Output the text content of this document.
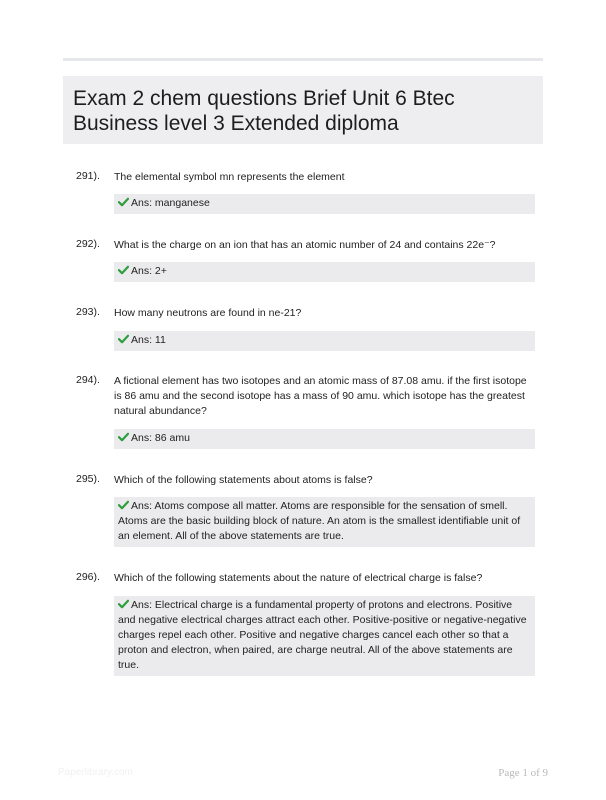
Exam 2 chem questions Brief Unit 6 Btec Business level 3 Extended diploma
291). The elemental symbol mn represents the element
Ans: manganese
292). What is the charge on an ion that has an atomic number of 24 and contains 22e⁻?
Ans: 2+
293). How many neutrons are found in ne-21?
Ans: 11
294). A fictional element has two isotopes and an atomic mass of 87.08 amu. if the first isotope is 86 amu and the second isotope has a mass of 90 amu. which isotope has the greatest natural abundance?
Ans: 86 amu
295). Which of the following statements about atoms is false?
Ans: Atoms compose all matter. Atoms are responsible for the sensation of smell. Atoms are the basic building block of nature. An atom is the smallest identifiable unit of an element. All of the above statements are true.
296). Which of the following statements about the nature of electrical charge is false?
Ans: Electrical charge is a fundamental property of protons and electrons. Positive and negative electrical charges attract each other. Positive-positive or negative-negative charges repel each other. Positive and negative charges cancel each other so that a proton and electron, when paired, are charge neutral. All of the above statements are true.
Paperlibrary.com	Page 1 of 9
